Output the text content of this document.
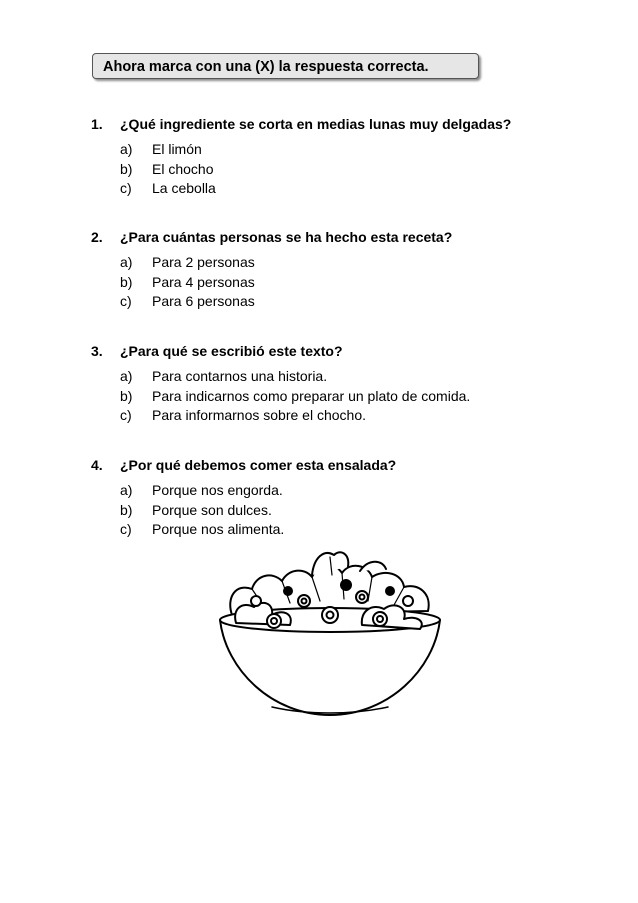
Ahora marca con una (X) la respuesta correcta.
1.	¿Qué ingrediente se corta en medias lunas muy delgadas?
a)	El limón
b)	El chocho
c)	La cebolla
2.	¿Para cuántas personas se ha hecho esta receta?
a)	Para 2 personas
b)	Para 4 personas
c)	Para 6 personas
3.	¿Para qué se escribió este texto?
a)	Para contarnos una historia.
b)	Para indicarnos como preparar un plato de comida.
c)	Para informarnos sobre el chocho.
4.	¿Por qué debemos comer esta ensalada?
a)	Porque nos engorda.
b)	Porque son dulces.
c)	Porque nos alimenta.
